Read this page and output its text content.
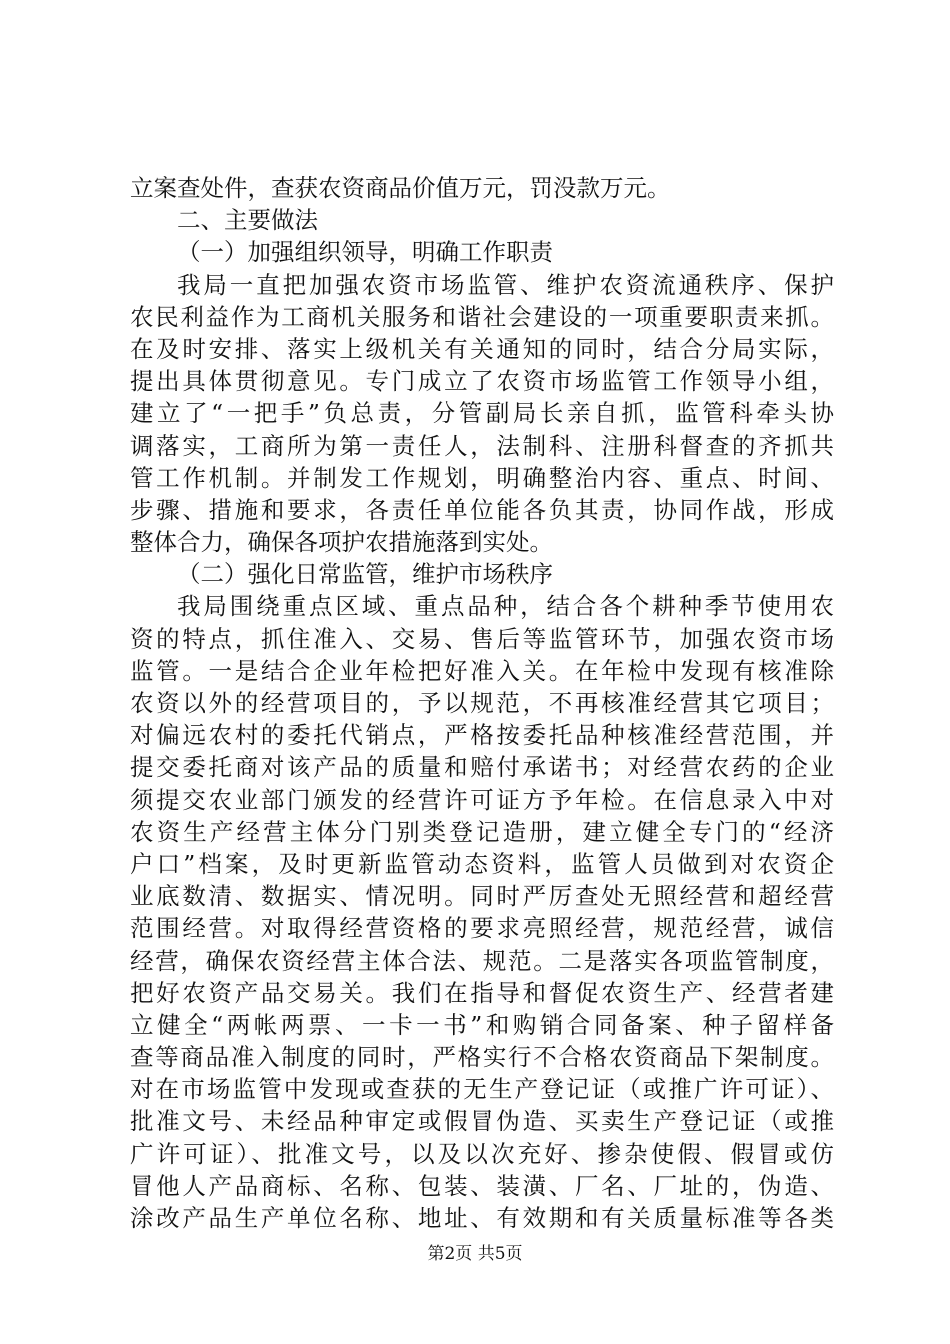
立案查处件，查获农资商品价值万元，罚没款万元。
二、主要做法
（一）加强组织领导，明确工作职责
我局一直把加强农资市场监管、维护农资流通秩序、保护
农民利益作为工商机关服务和谐社会建设的一项重要职责来抓。
在及时安排、落实上级机关有关通知的同时，结合分局实际，
提出具体贯彻意见。专门成立了农资市场监管工作领导小组，
建立了“一把手”负总责，分管副局长亲自抓，监管科牵头协
调落实，工商所为第一责任人，法制科、注册科督查的齐抓共
管工作机制。并制发工作规划，明确整治内容、重点、时间、
步骤、措施和要求，各责任单位能各负其责，协同作战，形成
整体合力，确保各项护农措施落到实处。
（二）强化日常监管，维护市场秩序
我局围绕重点区域、重点品种，结合各个耕种季节使用农
资的特点，抓住准入、交易、售后等监管环节，加强农资市场
监管。一是结合企业年检把好准入关。在年检中发现有核准除
农资以外的经营项目的，予以规范，不再核准经营其它项目；
对偏远农村的委托代销点，严格按委托品种核准经营范围，并
提交委托商对该产品的质量和赔付承诺书；对经营农药的企业
须提交农业部门颁发的经营许可证方予年检。在信息录入中对
农资生产经营主体分门别类登记造册，建立健全专门的“经济
户口”档案，及时更新监管动态资料，监管人员做到对农资企
业底数清、数据实、情况明。同时严厉查处无照经营和超经营
范围经营。对取得经营资格的要求亮照经营，规范经营，诚信
经营，确保农资经营主体合法、规范。二是落实各项监管制度，
把好农资产品交易关。我们在指导和督促农资生产、经营者建
立健全“两帐两票、一卡一书”和购销合同备案、种子留样备
查等商品准入制度的同时，严格实行不合格农资商品下架制度。
对在市场监管中发现或查获的无生产登记证（或推广许可证）、
批准文号、未经品种审定或假冒伪造、买卖生产登记证（或推
广许可证）、批准文号，以及以次充好、掺杂使假、假冒或仿
冒他人产品商标、名称、包装、装潢、厂名、厂址的，伪造、
涂改产品生产单位名称、地址、有效期和有关质量标准等各类
第2页 共5页
